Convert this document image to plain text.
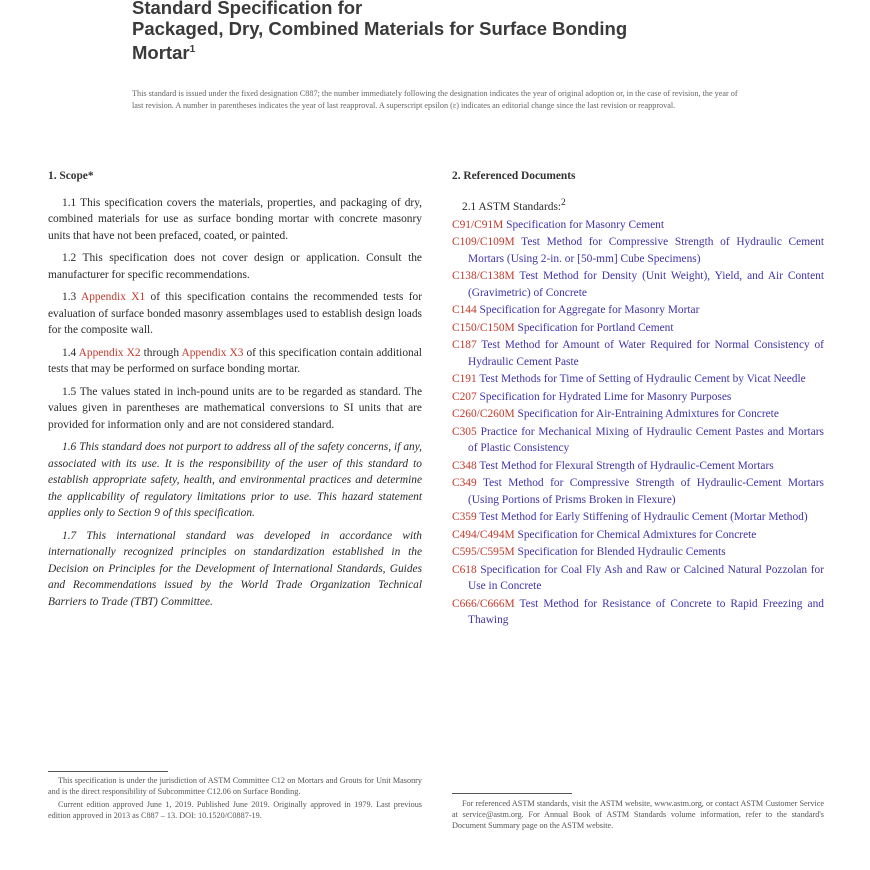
Standard Specification for
Packaged, Dry, Combined Materials for Surface Bonding
Mortar$^1$
This standard is issued under the fixed designation C887; the number immediately following the designation indicates the year of original adoption or, in the case of revision, the year of last revision. A number in parentheses indicates the year of last reapproval. A superscript epsilon (ε) indicates an editorial change since the last revision or reapproval.
1. Scope*

1.1 This specification covers the materials, properties, and packaging of dry, combined materials for use as surface bonding mortar with concrete masonry units that have not been prefaced, coated, or painted.

1.2 This specification does not cover design or application. Consult the manufacturer for specific recommendations.

1.3 Appendix X1 of this specification contains the recommended tests for evaluation of surface bonded masonry assemblages used to establish design loads for the composite wall.

1.4 Appendix X2 through Appendix X3 of this specification contain additional tests that may be performed on surface bonding mortar.

1.5 The values stated in inch-pound units are to be regarded as standard. The values given in parentheses are mathematical conversions to SI units that are provided for information only and are not considered standard.

1.6 This standard does not purport to address all of the safety concerns, if any, associated with its use. It is the responsibility of the user of this standard to establish appropriate safety, health, and environmental practices and determine the applicability of regulatory limitations prior to use. This hazard statement applies only to Section 9 of this specification.

1.7 This international standard was developed in accordance with internationally recognized principles on standardization established in the Decision on Principles for the Development of International Standards, Guides and Recommendations issued by the World Trade Organization Technical Barriers to Trade (TBT) Committee.

2. Referenced Documents

2.1 ASTM Standards:$^2$

C91/C91M Specification for Masonry Cement
C109/C109M Test Method for Compressive Strength of Hydraulic Cement Mortars (Using 2-in. or [50-mm] Cube Specimens)
C138/C138M Test Method for Density (Unit Weight), Yield, and Air Content (Gravimetric) of Concrete
C144 Specification for Aggregate for Masonry Mortar
C150/C150M Specification for Portland Cement
C187 Test Method for Amount of Water Required for Normal Consistency of Hydraulic Cement Paste
C191 Test Methods for Time of Setting of Hydraulic Cement by Vicat Needle
C207 Specification for Hydrated Lime for Masonry Purposes
C260/C260M Specification for Air-Entraining Admixtures for Concrete
C305 Practice for Mechanical Mixing of Hydraulic Cement Pastes and Mortars of Plastic Consistency
C348 Test Method for Flexural Strength of Hydraulic-Cement Mortars
C349 Test Method for Compressive Strength of Hydraulic-Cement Mortars (Using Portions of Prisms Broken in Flexure)
C359 Test Method for Early Stiffening of Hydraulic Cement (Mortar Method)
C494/C494M Specification for Chemical Admixtures for Concrete
C595/C595M Specification for Blended Hydraulic Cements
C618 Specification for Coal Fly Ash and Raw or Calcined Natural Pozzolan for Use in Concrete
C666/C666M Test Method for Resistance of Concrete to Rapid Freezing and Thawing

This specification is under the jurisdiction of ASTM Committee C12 on Mortars and Grouts for Unit Masonry and is the direct responsibility of Subcommittee C12.06 on Surface Bonding.

Current edition approved June 1, 2019. Published June 2019. Originally approved in 1979. Last previous edition approved in 2013 as C887 – 13. DOI: 10.1520/C0887-19.

For referenced ASTM standards, visit the ASTM website, www.astm.org, or contact ASTM Customer Service at service@astm.org. For Annual Book of ASTM Standards volume information, refer to the standard's Document Summary page on the ASTM website.
